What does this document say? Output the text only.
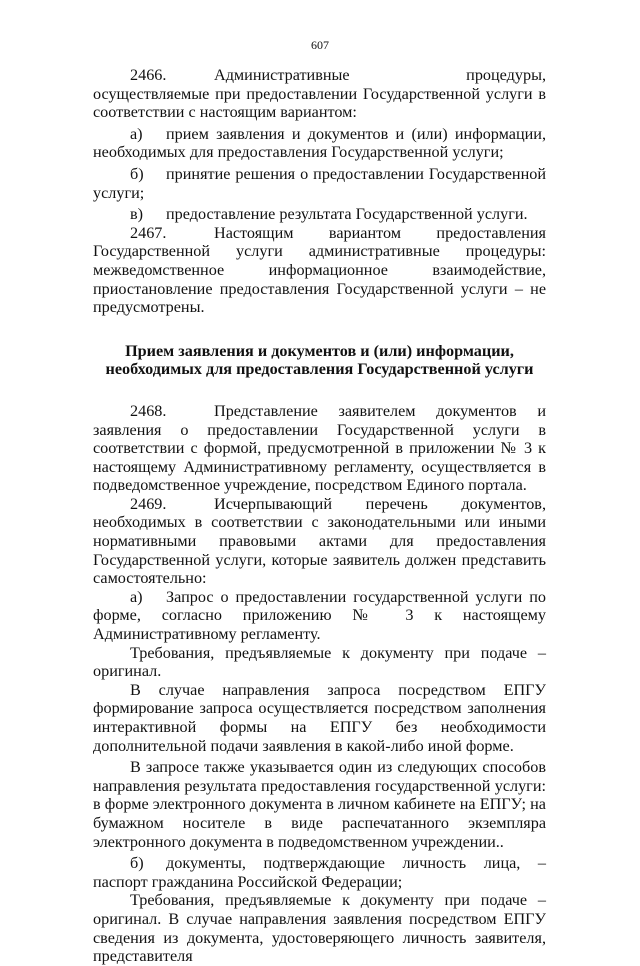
607

2466.	Административные процедуры, осуществляемые при предоставлении Государственной услуги в соответствии с настоящим вариантом:

а) прием заявления и документов и (или) информации, необходимых для предоставления Государственной услуги;

б) принятие решения о предоставлении Государственной услуги;

в) предоставление результата Государственной услуги.

2467.	Настоящим вариантом предоставления Государственной услуги административные процедуры: межведомственное информационное взаимодействие, приостановление предоставления Государственной услуги – не предусмотрены.

Прием заявления и документов и (или) информации, необходимых для предоставления Государственной услуги

2468.	Представление заявителем документов и заявления о предоставлении Государственной услуги в соответствии с формой, предусмотренной в приложении № 3 к настоящему Административному регламенту, осуществляется в подведомственное учреждение, посредством Единого портала.

2469.	Исчерпывающий перечень документов, необходимых в соответствии с законодательными или иными нормативными правовыми актами для предоставления Государственной услуги, которые заявитель должен представить самостоятельно:

а) Запрос о предоставлении государственной услуги по форме, согласно приложению № 3 к настоящему Административному регламенту.

Требования, предъявляемые к документу при подаче – оригинал.

В случае направления запроса посредством ЕПГУ формирование запроса осуществляется посредством заполнения интерактивной формы на ЕПГУ без необходимости дополнительной подачи заявления в какой-либо иной форме.

В запросе также указывается один из следующих способов направления результата предоставления государственной услуги: в форме электронного документа в личном кабинете на ЕПГУ; на бумажном носителе в виде распечатанного экземпляра электронного документа в подведомственном учреждении..

б) документы, подтверждающие личность лица, – паспорт гражданина Российской Федерации;

Требования, предъявляемые к документу при подаче – оригинал. В случае направления заявления посредством ЕПГУ сведения из документа, удостоверяющего личность заявителя, представителя
